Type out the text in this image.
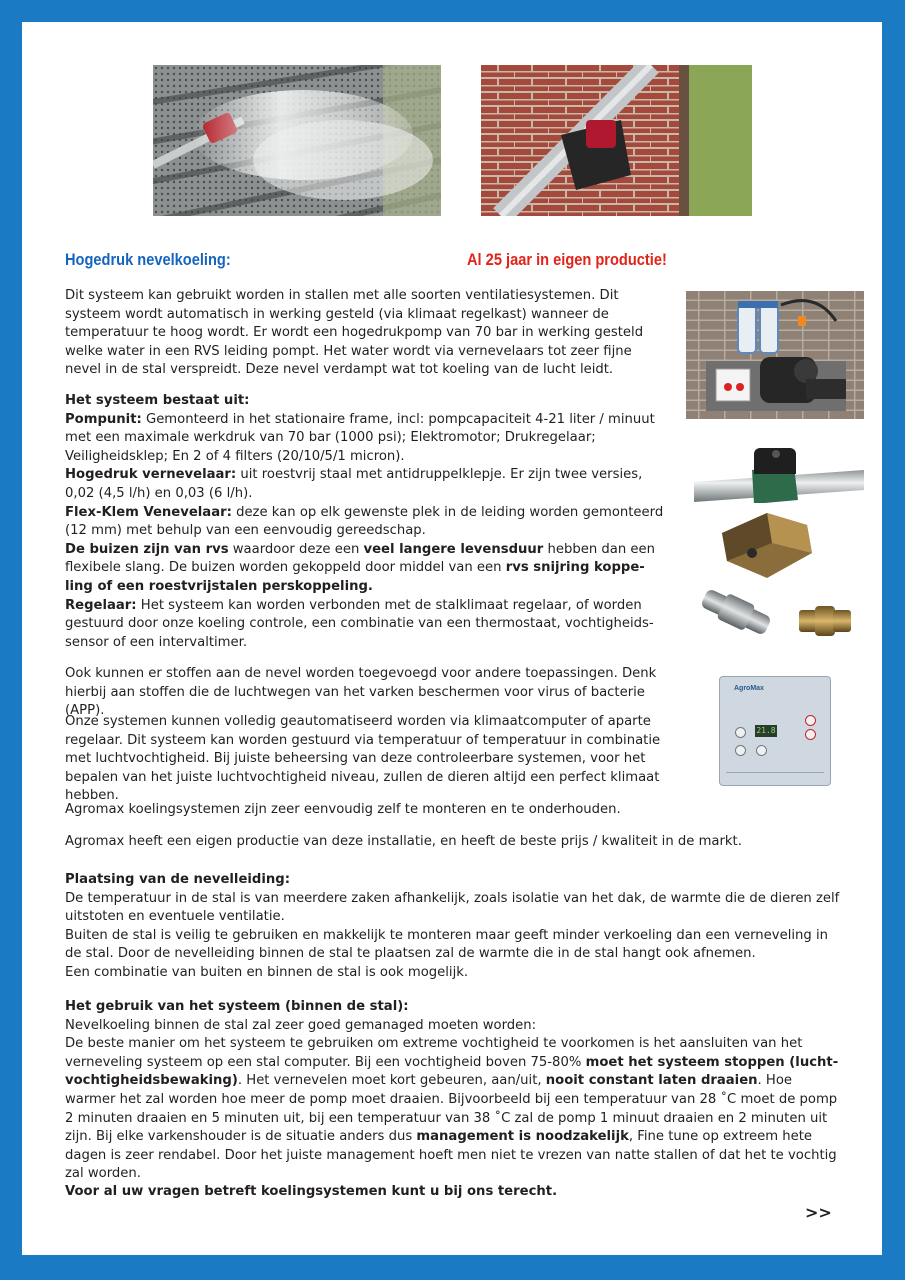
Hogedruk nevelkoeling:	Al 25 jaar in eigen productie!

Dit systeem kan gebruikt worden in stallen met alle soorten ventilatiesystemen. Dit systeem wordt automatisch in werking gesteld (via klimaat regelkast) wanneer de temperatuur te hoog wordt. Er wordt een hogedrukpomp van 70 bar in werking gesteld welke water in een RVS leiding pompt. Het water wordt via vernevelaars tot zeer fijne nevel in de stal verspreidt. Deze nevel verdampt wat tot koeling van de lucht leidt.

AgroMax
21.8

Het systeem bestaat uit:

Pompunit: Gemonteerd in het stationaire frame, incl: pompcapaciteit 4-21 liter / minuut met een maximale werkdruk van 70 bar (1000 psi); Elektromotor; Drukregelaar; Veiligheidsklep; En 2 of 4 filters (20/10/5/1 micron).

Hogedruk vernevelaar: uit roestvrij staal met antidruppelklepje. Er zijn twee versies, 0,02 (4,5 l/h) en 0,03 (6 l/h).

Flex-Klem Venevelaar: deze kan op elk gewenste plek in de leiding worden gemonteerd (12 mm) met behulp van een eenvoudig gereedschap.

De buizen zijn van rvs waardoor deze een veel langere levensduur hebben dan een flexibele slang. De buizen worden gekoppeld door middel van een rvs snijring koppeling of een roestvrijstalen perskoppeling.

Regelaar: Het systeem kan worden verbonden met de stalklimaat regelaar, of worden gestuurd door onze koeling controle, een combinatie van een thermostaat, vochtigheidssensor of een intervaltimer.

Ook kunnen er stoffen aan de nevel worden toegevoegd voor andere toepassingen. Denk hierbij aan stoffen die de luchtwegen van het varken beschermen voor virus of bacterie (APP).

Onze systemen kunnen volledig geautomatiseerd worden via klimaatcomputer of aparte regelaar. Dit systeem kan worden gestuurd via temperatuur of temperatuur in combinatie met luchtvochtigheid. Bij juiste beheersing van deze controleerbare systemen, voor het bepalen van het juiste luchtvochtigheid niveau, zullen de dieren altijd een perfect klimaat hebben.

Agromax koelingsystemen zijn zeer eenvoudig zelf te monteren en te onderhouden.

Agromax heeft een eigen productie van deze installatie, en heeft de beste prijs / kwaliteit in de markt.

Plaatsing van de nevelleiding:

De temperatuur in de stal is van meerdere zaken afhankelijk, zoals isolatie van het dak, de warmte die de dieren zelf uitstoten en eventuele ventilatie.

Buiten de stal is veilig te gebruiken en makkelijk te monteren maar geeft minder verkoeling dan een verneveling in de stal. Door de nevelleiding binnen de stal te plaatsen zal de warmte die in de stal hangt ook afnemen.

Een combinatie van buiten en binnen de stal is ook mogelijk.

Het gebruik van het systeem (binnen de stal):

Nevelkoeling binnen de stal zal zeer goed gemanaged moeten worden:

De beste manier om het systeem te gebruiken om extreme vochtigheid te voorkomen is het aansluiten van het verneveling systeem op een stal computer. Bij een vochtigheid boven 75-80% moet het systeem stoppen (luchtvochtigheidsbewaking). Het vernevelen moet kort gebeuren, aan/uit, nooit constant laten draaien. Hoe warmer het zal worden hoe meer de pomp moet draaien. Bijvoorbeeld bij een temperatuur van 28 ˚C moet de pomp 2 minuten draaien en 5 minuten uit, bij een temperatuur van 38 ˚C zal de pomp 1 minuut draaien en 2 minuten uit zijn. Bij elke varkenshouder is de situatie anders dus management is noodzakelijk, Fine tune op extreem hete dagen is zeer rendabel. Door het juiste management hoeft men niet te vrezen van natte stallen of dat het te vochtig zal worden.

Voor al uw vragen betreft koelingsystemen kunt u bij ons terecht.

>>
